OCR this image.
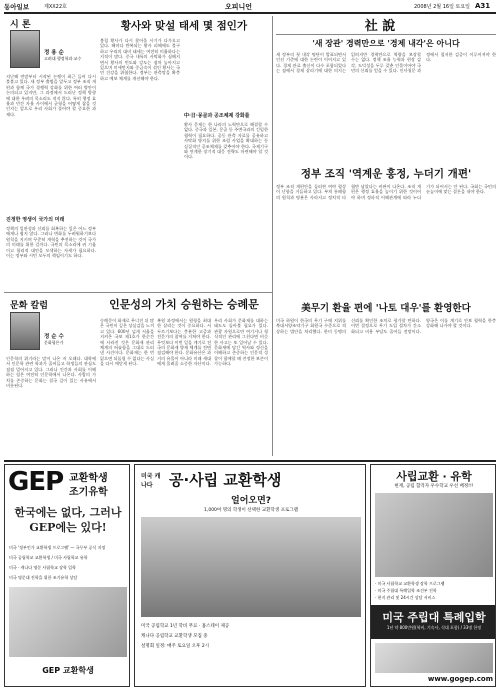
동아일보	제XX22호	오피니언	2008년 2월 16일 토요일 A31
시 론
정 용 순
고려대 행정학과 교수
지난해 연말부터 시작된 논쟁이 최근 들어 다시 불붙고 있다. 새 정부 출범을 앞두고 정부 조직 개편과 함께 국가 경쟁력 강화를 위한 여러 방안이 논의되고 있지만, 그 과정에서 드러난 정책 방향에 대한 우려의 목소리도 적지 않다. 특히 행정 효율과 민간 자율 사이에서 균형을 어떻게 잡을 것인지는 앞으로 우리 사회가 풀어야 할 중요한 과제다.
진정한 영생이 국가의 미래
정책의 일관성과 신뢰를 회복하는 일은 어느 정부에게나 쉽지 않다. 그러나 변화를 두려워하기보다 원칙을 지키며 꾸준히 개혁을 추진하는 것이 국가의 미래를 위한 길이다. 국민의 목소리에 귀 기울이고 합리적 대안을 모색하는 자세가 필요하다. 이는 정부와 시민 모두의 책임이기도 하다.
황사와 맞설 태세 몇 점인가
봄철 황사가 다시 찾아올 시기가 다가오고 있다. 해마다 반복되는 황사 피해에도 불구하고 우리의 대비 태세는 여전히 미흡하다는 지적이 많다. 중국 내륙의 사막화가 심해지면서 황사의 빈도와 강도는 점차 높아지고 있으며 미세먼지와 중금속이 섞인 황사는 국민 건강을 위협한다. 정부는 관측망을 확충하고 예보 체계를 개선해야 한다.
中·日·몽골과 공조체제 강화를
황사 문제는 한 나라의 노력만으로 해결할 수 없다. 중국과 일본, 몽골 등 주변국과의 긴밀한 협력이 필요하다. 공동 관측 자료를 공유하고 사막화 방지를 위한 조림 사업을 확대하는 등 실질적인 공조체제를 갖추어야 한다. 국제기구와 연계한 장기적 대응 전략도 마련해야 할 것이다.
社 說
'새 장관' 경력만으로 '경제 내각'은 아니다
새 정부의 첫 내각 명단이 발표되면서 인선 기준에 대한 논란이 이어지고 있다. 경제 관료 출신이 다수 포함되었다는 점에서 경제 살리기에 대한 의지는 읽히지만 경력만으로 역량을 보장할 수는 없다. 정책 조율 능력과 현장 감각, 도덕성을 두루 갖춘 인물이어야 국민의 신뢰를 얻을 수 있다. 인사청문 과정에서 철저한 검증이 이루어져야 한다.
정부 조직 '역계운 홍정, 누더기 개편'
정부 조직 개편안을 둘러싼 여야 협상이 난항을 거듭하고 있다. 부처 통폐합의 원칙과 명분은 사라지고 정치적 타협만 남았다는 비판이 나온다. 조직 개편은 행정 효율을 높이기 위한 것이어야 하며 정파적 이해관계에 따라 누더기가 되어서는 안 된다. 국회는 국민의 눈높이에 맞는 결론을 내야 한다.
美무기 환율 편에 '나토 대우'를 환영한다
미국 하원이 한국의 무기 구매 지위를 북대서양조약기구 회원국 수준으로 격상하는 법안을 처리했다. 한미 동맹의 신뢰를 확인한 조치로 평가할 만하다. 이번 결정으로 무기 도입 절차가 간소화되고 비용 부담도 줄어들 전망이다. 양국은 이를 계기로 안보 협력을 한층 강화해 나가야 할 것이다.
문화 칼럼
정 순 수
문화평론가
인문학의 위기라는 말이 나온 지 오래다. 대학에서 인문학 관련 학과가 줄어들고 학생들의 관심도 점점 멀어지고 있다. 그러나 인간과 사회를 이해하는 힘은 여전히 인문학에서 나온다. 사람의 가치를 존중하는 문화는 결국 깊이 있는 사유에서 비롯된다.
인문성의 가치 승원하는 승례문
숭례문이 화재로 무너진 뒤 많은 국민이 깊은 상실감을 느끼고 있다. 600년 넘게 서울을 지켜온 국보 제1호가 한순간에 사라진 것은 문화재 관리 체계의 허술함을 그대로 드러낸 사건이다. 문화재는 한 번 잃으면 되돌릴 수 없다는 사실을 다시 깨닫게 된다.
복원 과정에서는 원형을 최대한 살리는 것이 중요하다. 서두르기보다는 충분한 고증과 전문가의 참여를 거쳐야 한다. 무엇보다 이번 일을 계기로 전국의 문화재 방재 체계를 전면 점검해야 한다. 문화유산은 과거의 유물이 아니라 미래 세대에게 물려줄 소중한 자산이다.
우리 사회가 문화재를 대하는 태도도 돌아볼 필요가 있다. 관광 자원으로만 여기거나 형식적인 관리에 그친다면 비슷한 사고는 또 일어날 수 있다. 문화재에 담긴 역사와 정신을 이해하고 존중하는 인문적 성찰이 함께할 때 진정한 보존이 가능하다.
GEP 교환학생
조기유학
한국에는 없다, 그러나 GEP에는 있다!
미국 '정부인가 교환학생 프로그램' — 국무부 공식 지정
미국 공립학교 교환학생 / 미국 사립학교 유학
미국 · 캐나다 명문 사립학교 장학 입학
미국 명문대 진학을 위한 조기유학 상담
GEP 교환학생
미국 캐나다	공·사립 교환학생
얼어오면?
1,000여 명의 학생이 선택한 교환학생 프로그램
미국 공립학교 1년 학비 무료 · 홈스테이 제공
캐나다 공립학교 교환학생 모집 중
설명회 일정: 매주 토요일 오후 2시
사립교환 · 유학
현재, 공립 합격자 우수학교 우선 배정!!!
· 미국 사립학교 교환학생 장학 프로그램
· 미국 주립대 특례입학 조건부 진학
· 현지 관리 및 24시간 상담 서비스
미국 주립대 특례입학
1년 약 800만원(학비, 기숙사, 식대 포함) / 33명 한정
www.gogep.com
